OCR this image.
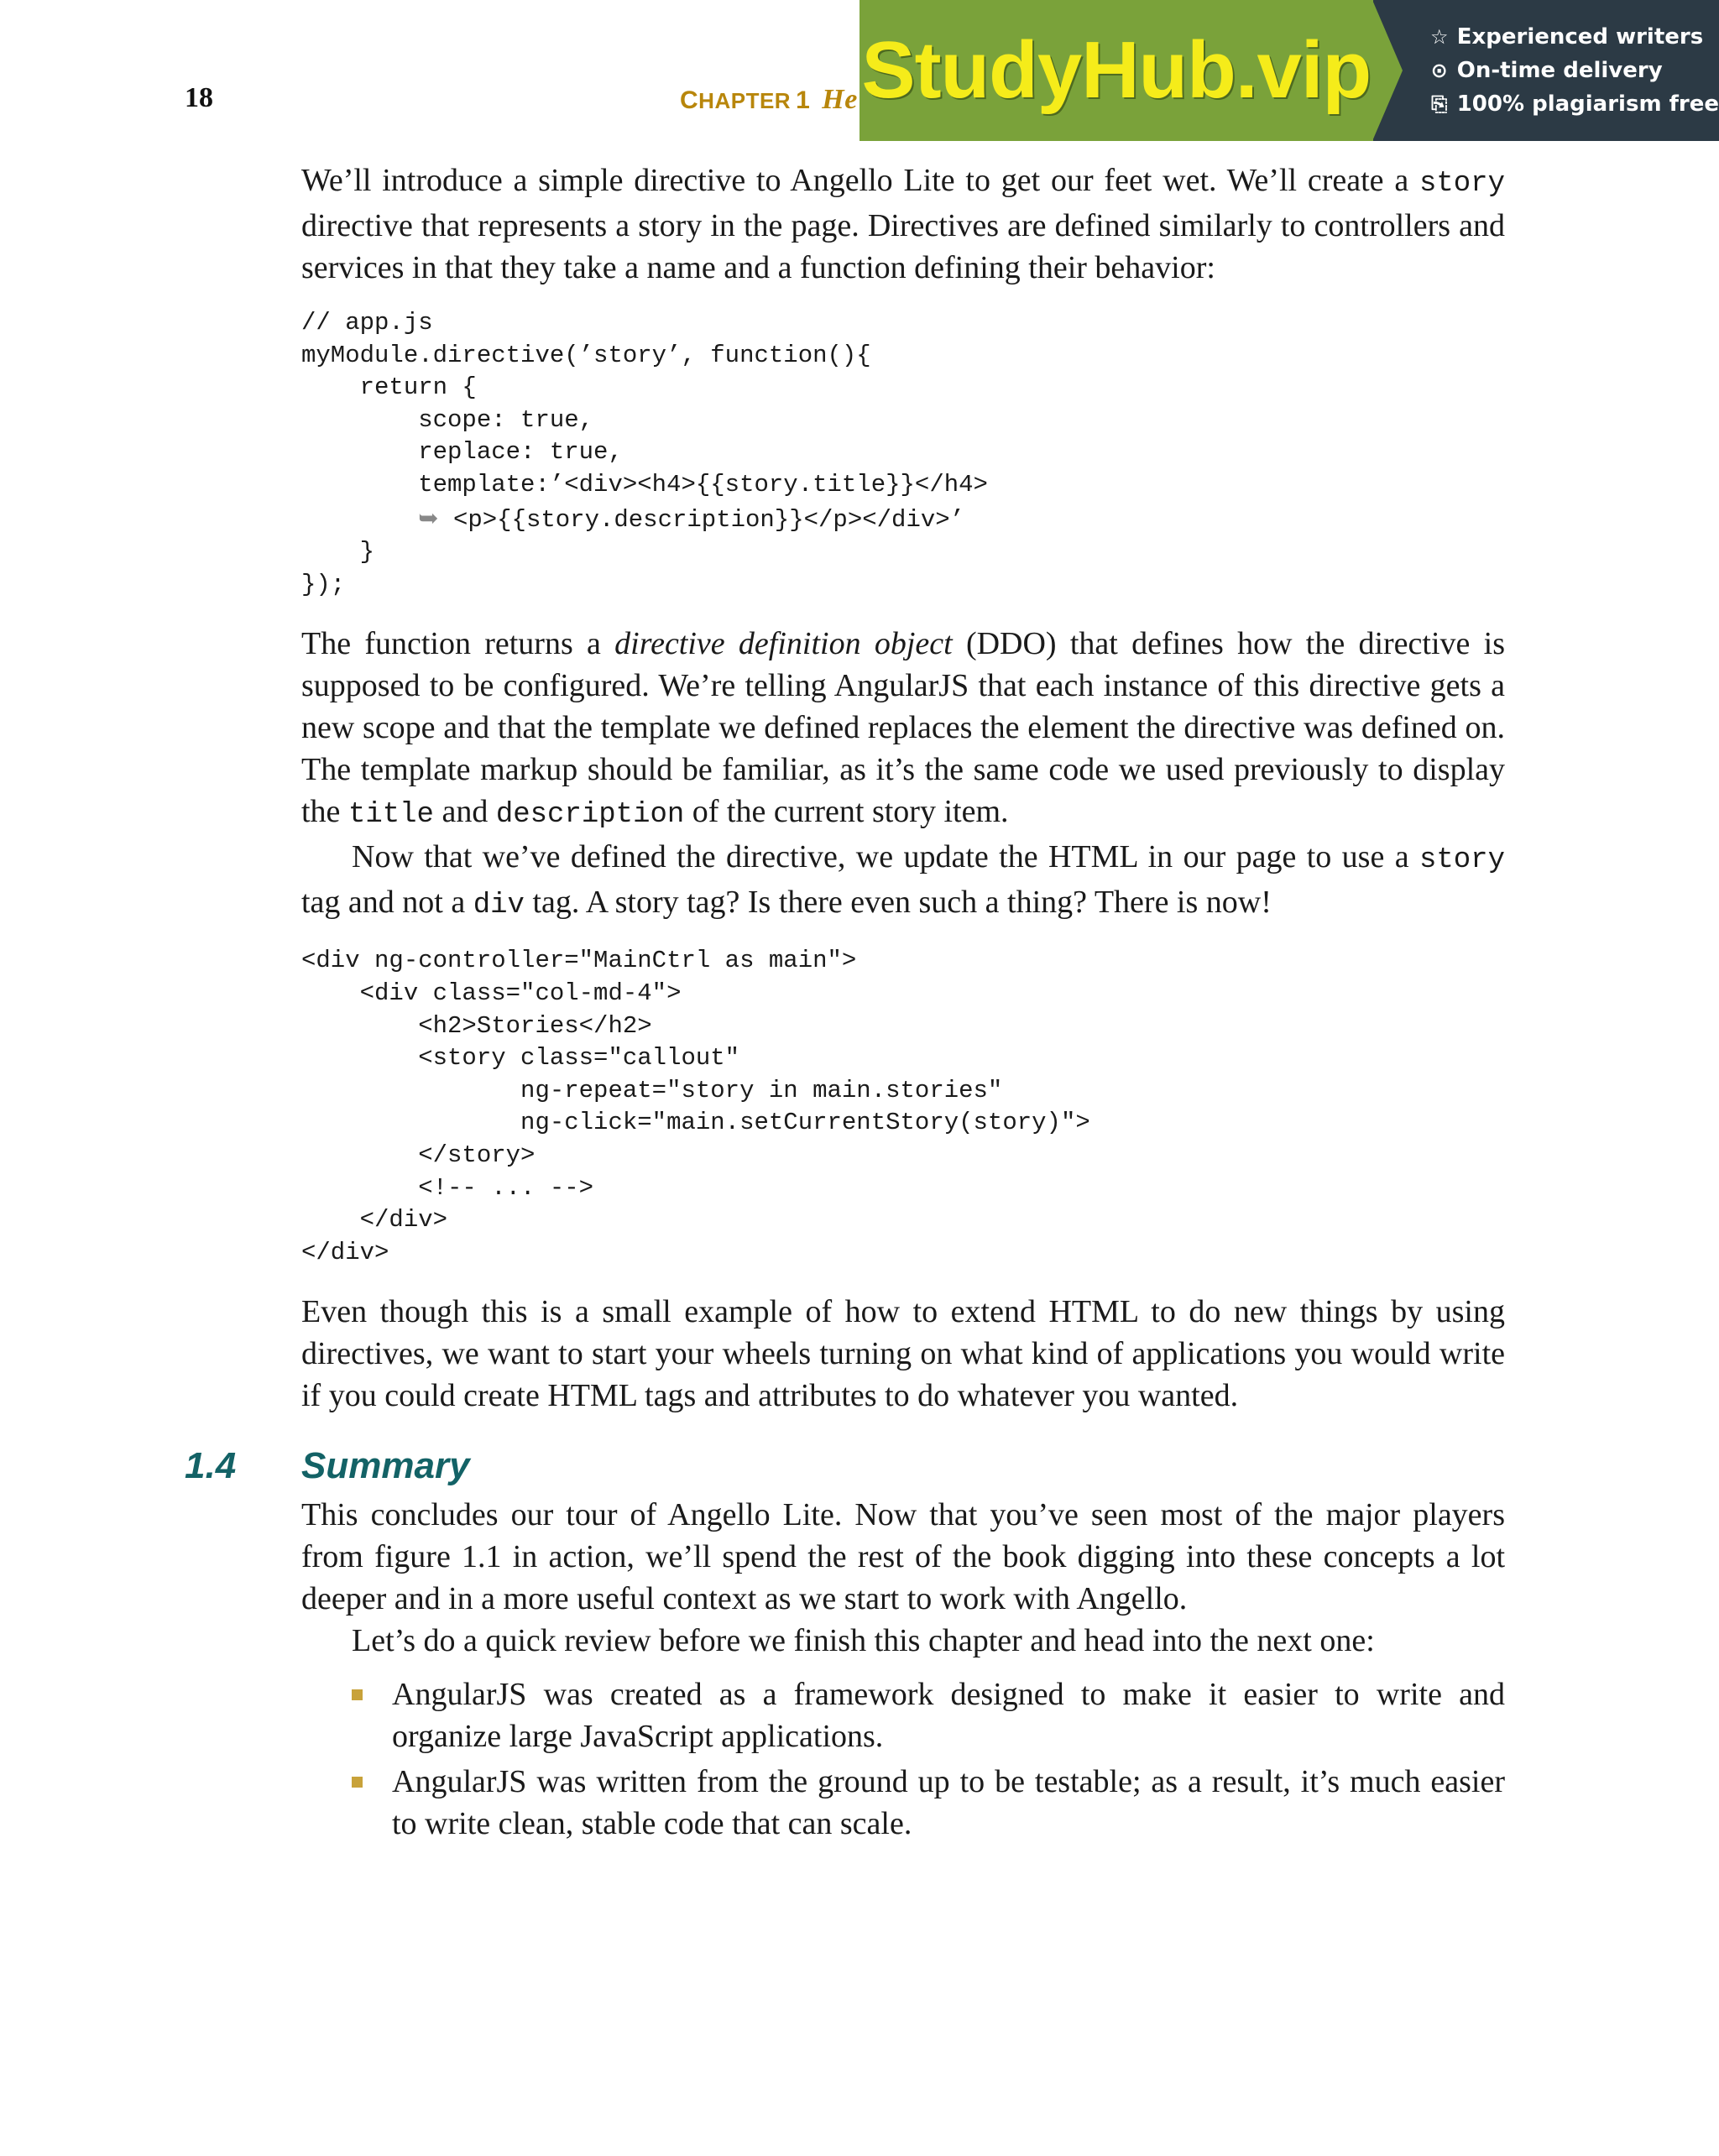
18	CHAPTER 1 He StudyHub.vip	☆ Experienced writers
⊙ On-time delivery
⎘ 100% plagiarism free

We’ll introduce a simple directive to Angello Lite to get our feet wet. We’ll create a story directive that represents a story in the page. Directives are defined similarly to controllers and services in that they take a name and a function defining their behavior:

// app.js
myModule.directive(’story’, function(){
return {
scope: true,
replace: true,
template:’<div><h4>{{story.title}}</h4>
➥ <p>{{story.description}}</p></div>’
}
});

The function returns a directive definition object (DDO) that defines how the directive is supposed to be configured. We’re telling AngularJS that each instance of this directive gets a new scope and that the template we defined replaces the element the directive was defined on. The template markup should be familiar, as it’s the same code we used previously to display the title and description of the current story item.

Now that we’ve defined the directive, we update the HTML in our page to use a story tag and not a div tag. A story tag? Is there even such a thing? There is now!

<div ng-controller="MainCtrl as main">
<div class="col-md-4">
<h2>Stories</h2>
<story class="callout"
ng-repeat="story in main.stories"
ng-click="main.setCurrentStory(story)">
</story>
<!-- ... -->
</div>
</div>

Even though this is a small example of how to extend HTML to do new things by using directives, we want to start your wheels turning on what kind of applications you would write if you could create HTML tags and attributes to do whatever you wanted.

1.4 Summary

This concludes our tour of Angello Lite. Now that you’ve seen most of the major players from figure 1.1 in action, we’ll spend the rest of the book digging into these concepts a lot deeper and in a more useful context as we start to work with Angello.

Let’s do a quick review before we finish this chapter and head into the next one:

AngularJS was created as a framework designed to make it easier to write and organize large JavaScript applications.
AngularJS was written from the ground up to be testable; as a result, it’s much easier to write clean, stable code that can scale.
